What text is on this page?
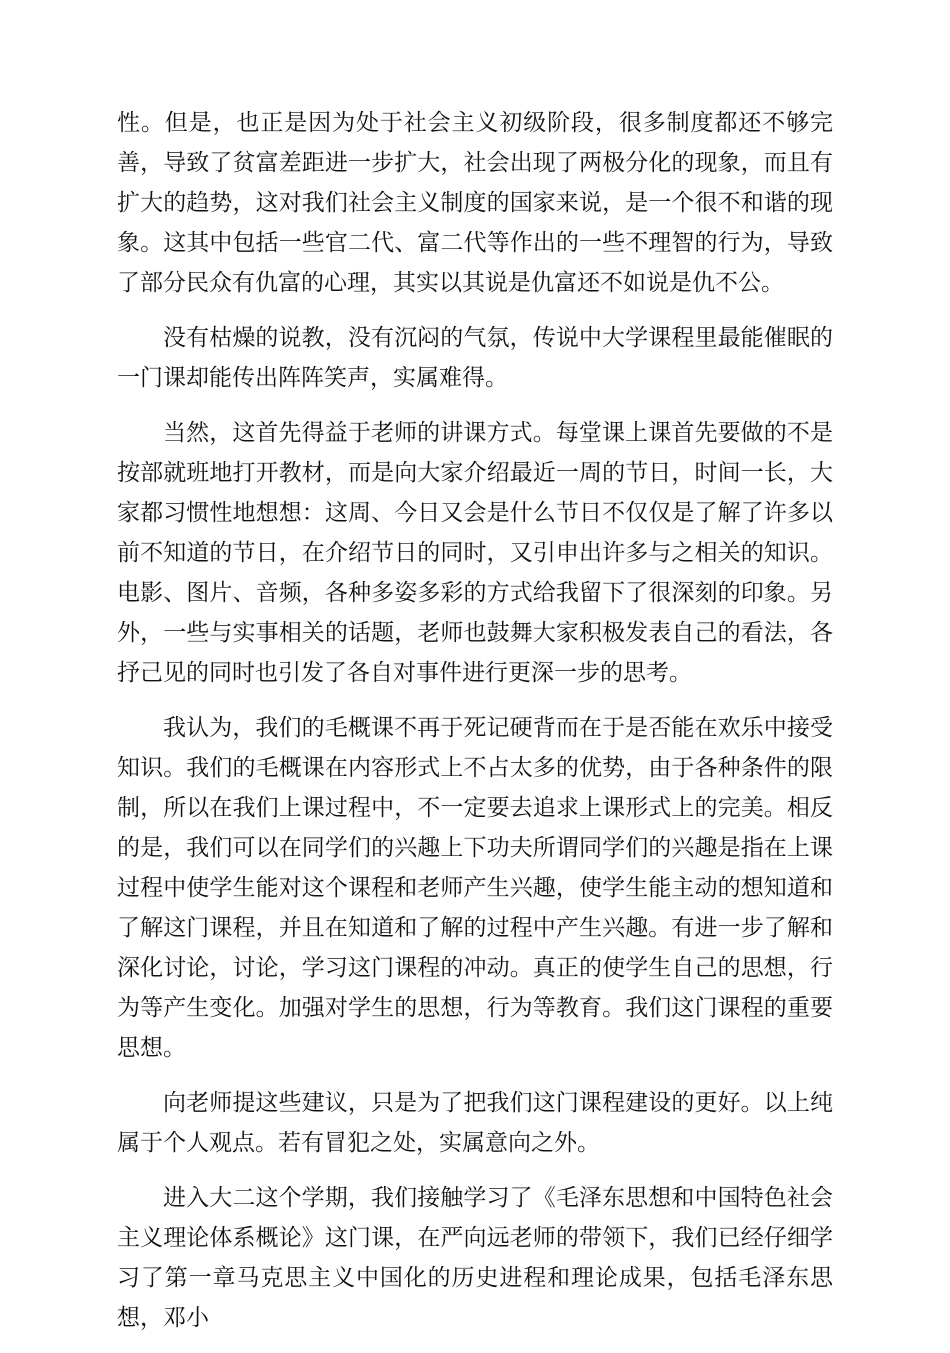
性。但是，也正是因为处于社会主义初级阶段，很多制度都还不够完善，导致了贫富差距进一步扩大，社会出现了两极分化的现象，而且有扩大的趋势，这对我们社会主义制度的国家来说，是一个很不和谐的现象。这其中包括一些官二代、富二代等作出的一些不理智的行为，导致了部分民众有仇富的心理，其实以其说是仇富还不如说是仇不公。

没有枯燥的说教，没有沉闷的气氛，传说中大学课程里最能催眠的一门课却能传出阵阵笑声，实属难得。

当然，这首先得益于老师的讲课方式。每堂课上课首先要做的不是按部就班地打开教材，而是向大家介绍最近一周的节日，时间一长，大家都习惯性地想想：这周、今日又会是什么节日不仅仅是了解了许多以前不知道的节日，在介绍节日的同时，又引申出许多与之相关的知识。电影、图片、音频，各种多姿多彩的方式给我留下了很深刻的印象。另外，一些与实事相关的话题，老师也鼓舞大家积极发表自己的看法，各抒己见的同时也引发了各自对事件进行更深一步的思考。

我认为，我们的毛概课不再于死记硬背而在于是否能在欢乐中接受知识。我们的毛概课在内容形式上不占太多的优势，由于各种条件的限制，所以在我们上课过程中，不一定要去追求上课形式上的完美。相反的是，我们可以在同学们的兴趣上下功夫所谓同学们的兴趣是指在上课过程中使学生能对这个课程和老师产生兴趣，使学生能主动的想知道和了解这门课程，并且在知道和了解的过程中产生兴趣。有进一步了解和深化讨论，讨论，学习这门课程的冲动。真正的使学生自己的思想，行为等产生变化。加强对学生的思想，行为等教育。我们这门课程的重要思想。

向老师提这些建议，只是为了把我们这门课程建设的更好。以上纯属于个人观点。若有冒犯之处，实属意向之外。

进入大二这个学期，我们接触学习了《毛泽东思想和中国特色社会主义理论体系概论》这门课，在严向远老师的带领下，我们已经仔细学习了第一章马克思主义中国化的历史进程和理论成果，包括毛泽东思想，邓小
